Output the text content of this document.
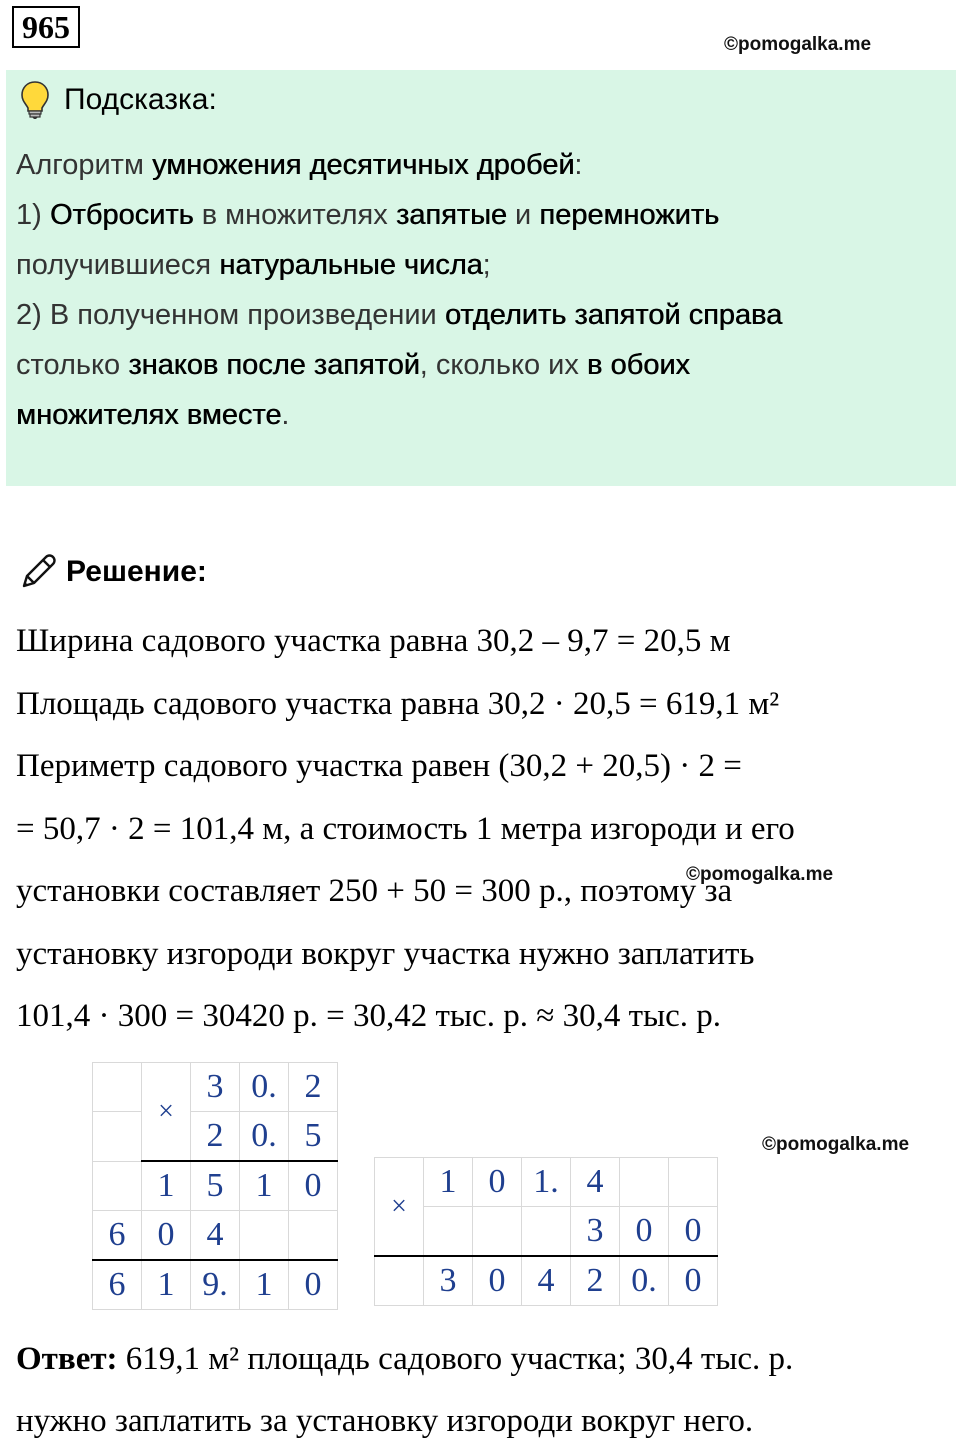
965	©pomogalka.me
Подсказка:
Алгоритм умножения десятичных дробей:
1) Отбросить в множителях запятые и перемножить
получившиеся натуральные числа;
2) В полученном произведении отделить запятой справа
столько знаков после запятой, сколько их в обоих
множителях вместе.
Решение:
Ширина садового участка равна 30,2 – 9,7 = 20,5 м
Площадь садового участка равна 30,2 · 20,5 = 619,1 м²
Периметр садового участка равен (30,2 + 20,5) · 2 =
= 50,7 · 2 = 101,4 м, а стоимость 1 метра изгороди и его
установки составляет 250 + 50 = 300 р., поэтому за
установку изгороди вокруг участка нужно заплатить
101,4 · 300 = 30420 р. = 30,42 тыс. р. ≈ 30,4 тыс. р.
©pomogalka.me
	×	3	0.	2
		2	0.	5
	1	5	1	0
6	0	4		
6	1	9.	1	0
×	1	0	1.	4		
				3	0	0
	3	0	4	2	0.	0
©pomogalka.me
Ответ: 619,1 м² площадь садового участка; 30,4 тыс. р.
нужно заплатить за установку изгороди вокруг него.
